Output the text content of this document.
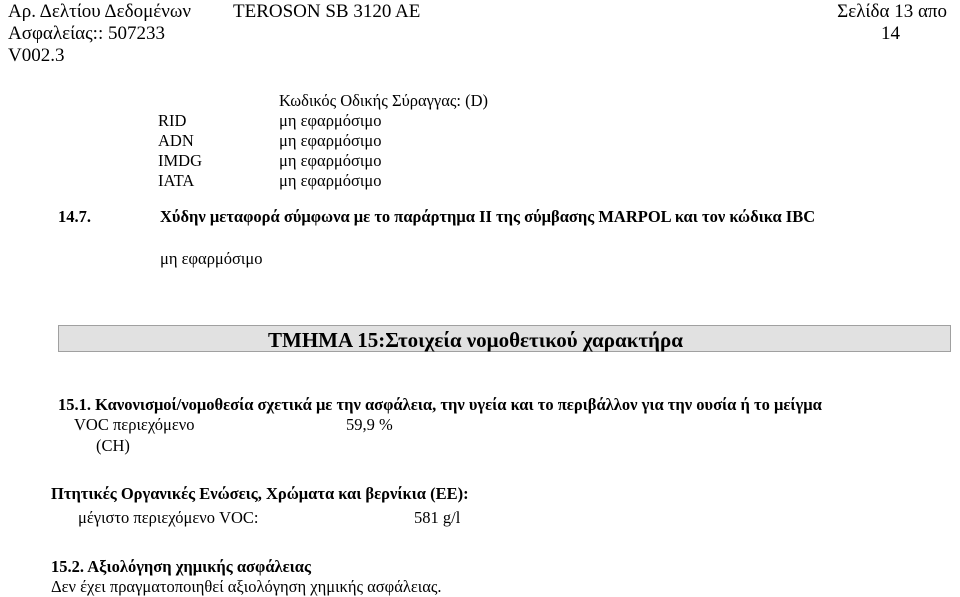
Αρ. Δελτίου Δεδομένων
Ασφαλείας:: 507233
V002.3
TEROSON SB 3120 AE	Σελίδα 13 απο
14
Κωδικός Οδικής Σύραγγας: (D)
RID	μη εφαρμόσιμο
ADN	μη εφαρμόσιμο
IMDG	μη εφαρμόσιμο
IATA	μη εφαρμόσιμο
14.7.	Χύδην μεταφορά σύμφωνα με το παράρτημα II της σύμβασης MARPOL και τον κώδικα IBC
μη εφαρμόσιμο
ΤΜΗΜΑ 15:Στοιχεία νομοθετικού χαρακτήρα
15.1. Κανονισμοί/νομοθεσία σχετικά με την ασφάλεια, την υγεία και το περιβάλλον για την ουσία ή το μείγμα
VOC περιεχόμενο	59,9 %
(CH)
Πτητικές Οργανικές Ενώσεις, Χρώματα και βερνίκια (ΕΕ):
μέγιστο περιεχόμενο VOC:	581 g/l
15.2. Αξιολόγηση χημικής ασφάλειας
Δεν έχει πραγματοποιηθεί αξιολόγηση χημικής ασφάλειας.
